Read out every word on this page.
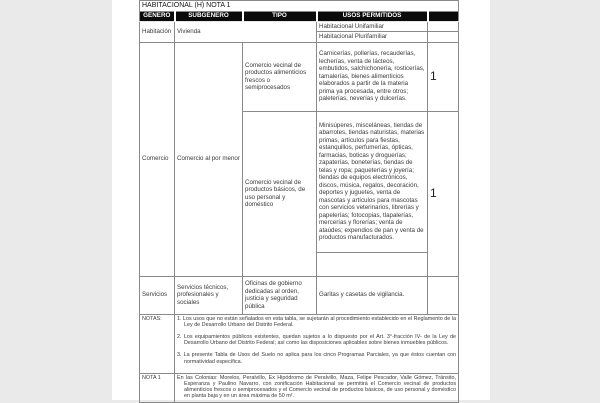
HABITACIONAL (H) NOTA 1				
GÉNERO	SUBGÉNERO	TIPO	USOS PERMITIDOS	
Habitación	Vivienda		Habitacional Unifamiliar	
			Habitacional Plurifamiliar	
Comercio	Comercio al por menor	Comercio vecinal de productos alimenticios frescos o semiprocesados	Carnicerías, pollerías, recauderías, lecherías, venta de lácteos, embutidos, salchichonería, rosticerías, tamalerías, bienes alimenticios elaborados a partir de la materia prima ya procesada, entre otros; paleterías, neverías y dulcerías.	1
		Comercio vecinal de productos básicos, de uso personal y doméstico	Minisúperes, misceláneas, tiendas de abarrotes, tiendas naturistas, materias primas, artículos para fiestas, estanquillos, perfumerías, ópticas, farmacias, boticas y droguerías; zapaterías, boneterías, tiendas de telas y ropa; paqueterías y joyería; tiendas de equipos electrónicos, discos, música, regalos, decoración, deportes y juguetes, venta de mascotas y artículos para mascotas con servicios veterinarios, librerías y papelerías; fotocopias, tlapalerías, mercerías y florerías; venta de ataúdes; expendios de pan y venta de productos manufacturados.	1

Servicios	Servicios técnicos, profesionales y sociales	Oficinas de gobierno dedicadas al orden, justicia y seguridad pública	Garitas y casetas de vigilancia.	
NOTAS:	1. Los usos que no están señalados en esta tabla, se sujetarán al procedimiento establecido en el Reglamento de la Ley de Desarrollo Urbano del Distrito Federal.

2. Los equipamientos públicos existentes, quedan sujetos a lo dispuesto por el Art. 3°-fracción IV- de la Ley de Desarrollo Urbano del Distrito Federal; así como las disposiciones aplicables sobre bienes inmuebles públicos.

3. La presente Tabla de Usos del Suelo no aplica para los cinco Programas Parciales, ya que éstos cuentan con normatividad específica.			

NOTA 1	En las Colonias: Morelos, Peralvillo, Ex Hipódromo de Peralvillo, Maza, Felipe Pescador, Valle Gómez, Tránsito, Esperanza y Paulino Navarro, con zonificación Habitacional se permitirá el Comercio vecinal de productos alimenticios frescos o semiprocesados y el Comercio vecinal de productos básicos, de uso personal y doméstico en planta baja y en un área máxima de 50 m².			
